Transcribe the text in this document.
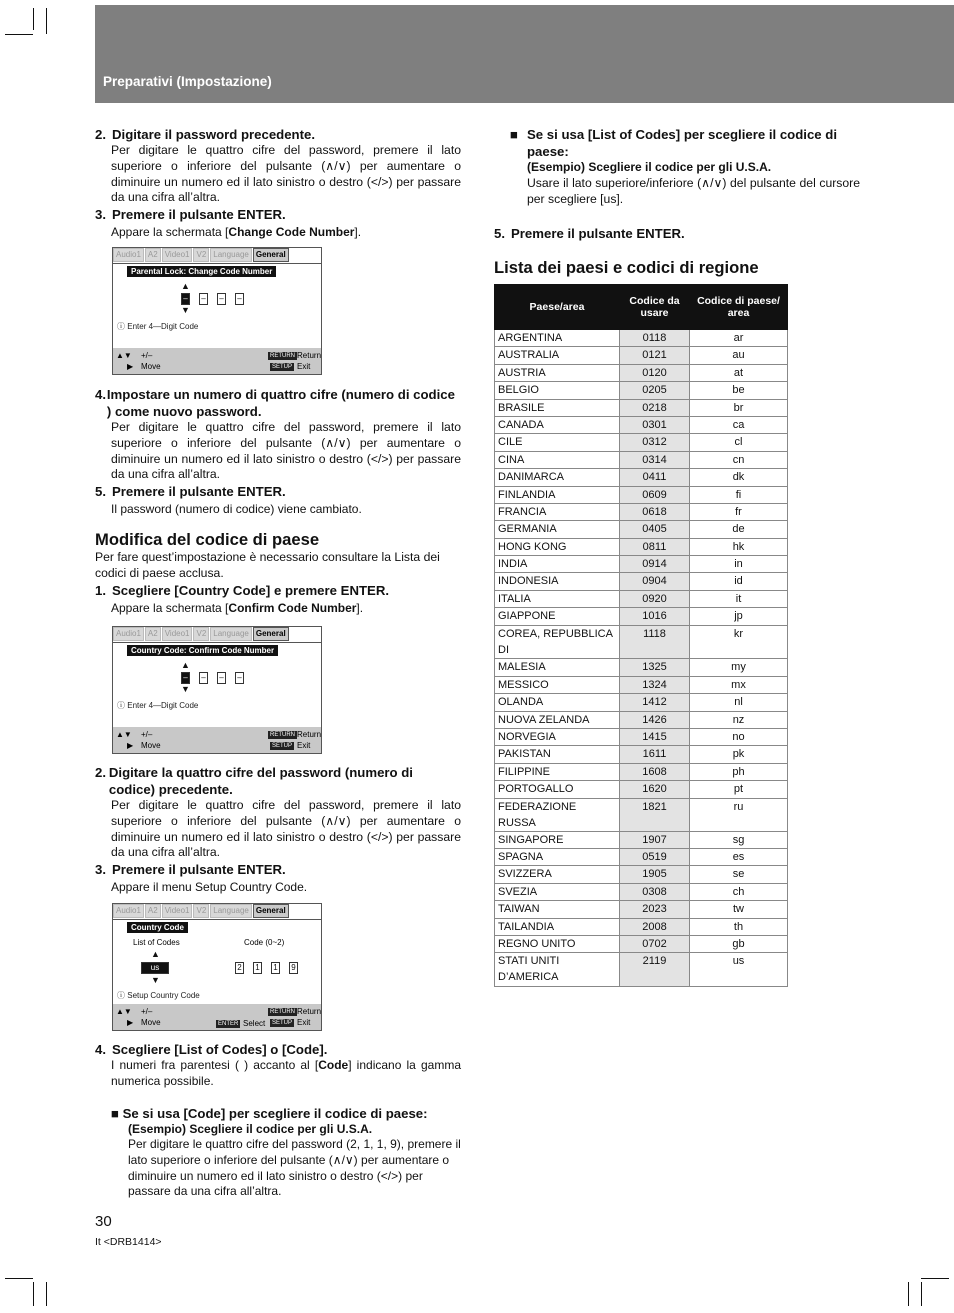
Preparativi (Impostazione)

2. Digitare il password precedente.

Per digitare le quattro cifre del password, premere il lato superiore o inferiore del pulsante (∧/∨) per aumentare o diminuire un numero ed il lato sinistro o destro (</>) per passare da una cifra all’altra.

3. Premere il pulsante ENTER.

Appare la schermata [Change Code Number].

Audio1 A2 Video1 V2 Language General
Parental Lock: Change Code Number
▲
– – – –
▼
ⓘ Enter 4—Digit Code
▲▼ +/–
▶ Move
RETURN Return
SETUP Exit

4. Impostare un numero di quattro cifre (numero di codice ) come nuovo password.

Per digitare le quattro cifre del password, premere il lato superiore o inferiore del pulsante (∧/∨) per aumentare o diminuire un numero ed il lato sinistro o destro (</>) per passare da una cifra all’altra.

5. Premere il pulsante ENTER.

Il password (numero di codice) viene cambiato.

Modifica del codice di paese

Per fare quest’impostazione è necessario consultare la Lista dei codici di paese acclusa.

1. Scegliere [Country Code] e premere ENTER.

Appare la schermata [Confirm Code Number].

Audio1 A2 Video1 V2 Language General
Country Code: Confirm Code Number
▲
– – – –
▼
ⓘ Enter 4—Digit Code
▲▼ +/–
▶ Move
RETURN Return
SETUP Exit

2. Digitare la quattro cifre del password (numero di codice) precedente.

Per digitare le quattro cifre del password, premere il lato superiore o inferiore del pulsante (∧/∨) per aumentare o diminuire un numero ed il lato sinistro o destro (</>) per passare da una cifra all’altra.

3. Premere il pulsante ENTER.

Appare il menu Setup Country Code.

Audio1 A2 Video1 V2 Language General
Country Code
List of Codes	Code (0~2)
▲
us
▼
2 1 1 9
ⓘ Setup Country Code
▲▼ +/–
▶ Move	ENTER Select
RETURN Return
SETUP Exit

4. Scegliere [List of Codes] o [Code].

I numeri fra parentesi ( ) accanto al [Code] indicano la gamma numerica possibile.

■ Se si usa [Code] per scegliere il codice di paese:

(Esempio) Scegliere il codice per gli U.S.A.

Per digitare le quattro cifre del password (2, 1, 1, 9), premere il lato superiore o inferiore del pulsante (∧/∨) per aumentare o diminuire un numero ed il lato sinistro o destro (</>) per passare da una cifra all’altra.

■ Se si usa [List of Codes] per scegliere il codice di paese:

(Esempio) Scegliere il codice per gli U.S.A.

Usare il lato superiore/inferiore (∧/∨) del pulsante del cursore per scegliere [us].

5. Premere il pulsante ENTER.

Lista dei paesi e codici di regione
Paese/area	Codice da usare	Codice di paese/ area
ARGENTINA	0118	ar
AUSTRALIA	0121	au
AUSTRIA	0120	at
BELGIO	0205	be
BRASILE	0218	br
CANADA	0301	ca
CILE	0312	cl
CINA	0314	cn
DANIMARCA	0411	dk
FINLANDIA	0609	fi
FRANCIA	0618	fr
GERMANIA	0405	de
HONG KONG	0811	hk
INDIA	0914	in
INDONESIA	0904	id
ITALIA	0920	it
GIAPPONE	1016	jp
COREA, REPUBBLICA DI	1118	kr
MALESIA	1325	my
MESSICO	1324	mx
OLANDA	1412	nl
NUOVA ZELANDA	1426	nz
NORVEGIA	1415	no
PAKISTAN	1611	pk
FILIPPINE	1608	ph
PORTOGALLO	1620	pt
FEDERAZIONE RUSSA	1821	ru
SINGAPORE	1907	sg
SPAGNA	0519	es
SVIZZERA	1905	se
SVEZIA	0308	ch
TAIWAN	2023	tw
TAILANDIA	2008	th
REGNO UNITO	0702	gb
STATI UNITI D’AMERICA	2119	us
30
It <DRB1414>
